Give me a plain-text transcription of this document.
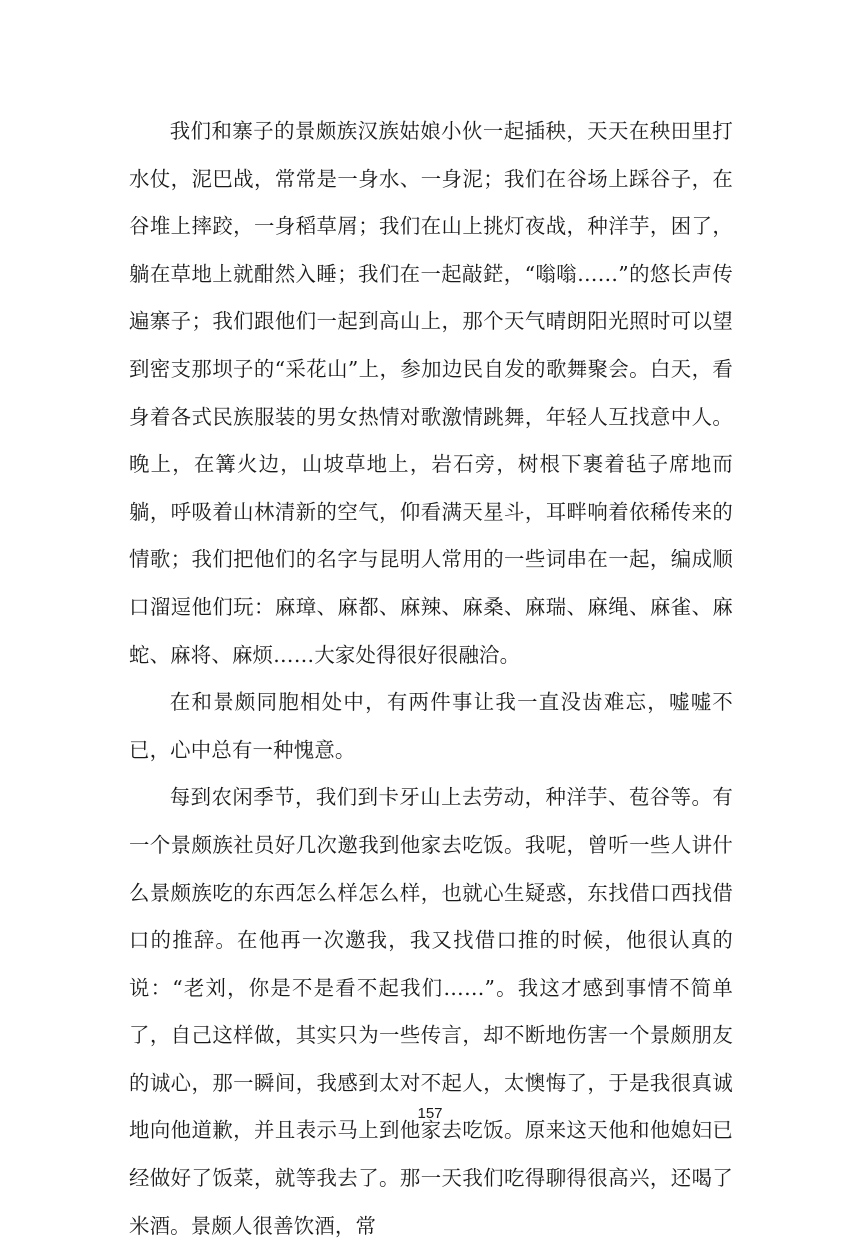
我们和寨子的景颇族汉族姑娘小伙一起插秧，天天在秧田里打水仗，泥巴战，常常是一身水、一身泥；我们在谷场上踩谷子，在谷堆上摔跤，一身稻草屑；我们在山上挑灯夜战，种洋芋，困了，躺在草地上就酣然入睡；我们在一起敲鋩，“嗡嗡……”的悠长声传遍寨子；我们跟他们一起到高山上，那个天气晴朗阳光照时可以望到密支那坝子的“采花山”上，参加边民自发的歌舞聚会。白天，看身着各式民族服装的男女热情对歌激情跳舞，年轻人互找意中人。晚上，在篝火边，山坡草地上，岩石旁，树根下裹着毡子席地而躺，呼吸着山林清新的空气，仰看满天星斗，耳畔响着依稀传来的情歌；我们把他们的名字与昆明人常用的一些词串在一起，编成顺口溜逗他们玩：麻璋、麻都、麻辣、麻桑、麻瑞、麻绳、麻雀、麻蛇、麻将、麻烦……大家处得很好很融洽。

在和景颇同胞相处中，有两件事让我一直没齿难忘，嘘嘘不已，心中总有一种愧意。

每到农闲季节，我们到卡牙山上去劳动，种洋芋、苞谷等。有一个景颇族社员好几次邀我到他家去吃饭。我呢，曾听一些人讲什么景颇族吃的东西怎么样怎么样，也就心生疑惑，东找借口西找借口的推辞。在他再一次邀我，我又找借口推的时候，他很认真的说：“老刘，你是不是看不起我们……”。我这才感到事情不简单了，自己这样做，其实只为一些传言，却不断地伤害一个景颇朋友的诚心，那一瞬间，我感到太对不起人，太懊悔了，于是我很真诚地向他道歉，并且表示马上到他家去吃饭。原来这天他和他媳妇已经做好了饭菜，就等我去了。那一天我们吃得聊得很高兴，还喝了米酒。景颇人很善饮酒，常

157
